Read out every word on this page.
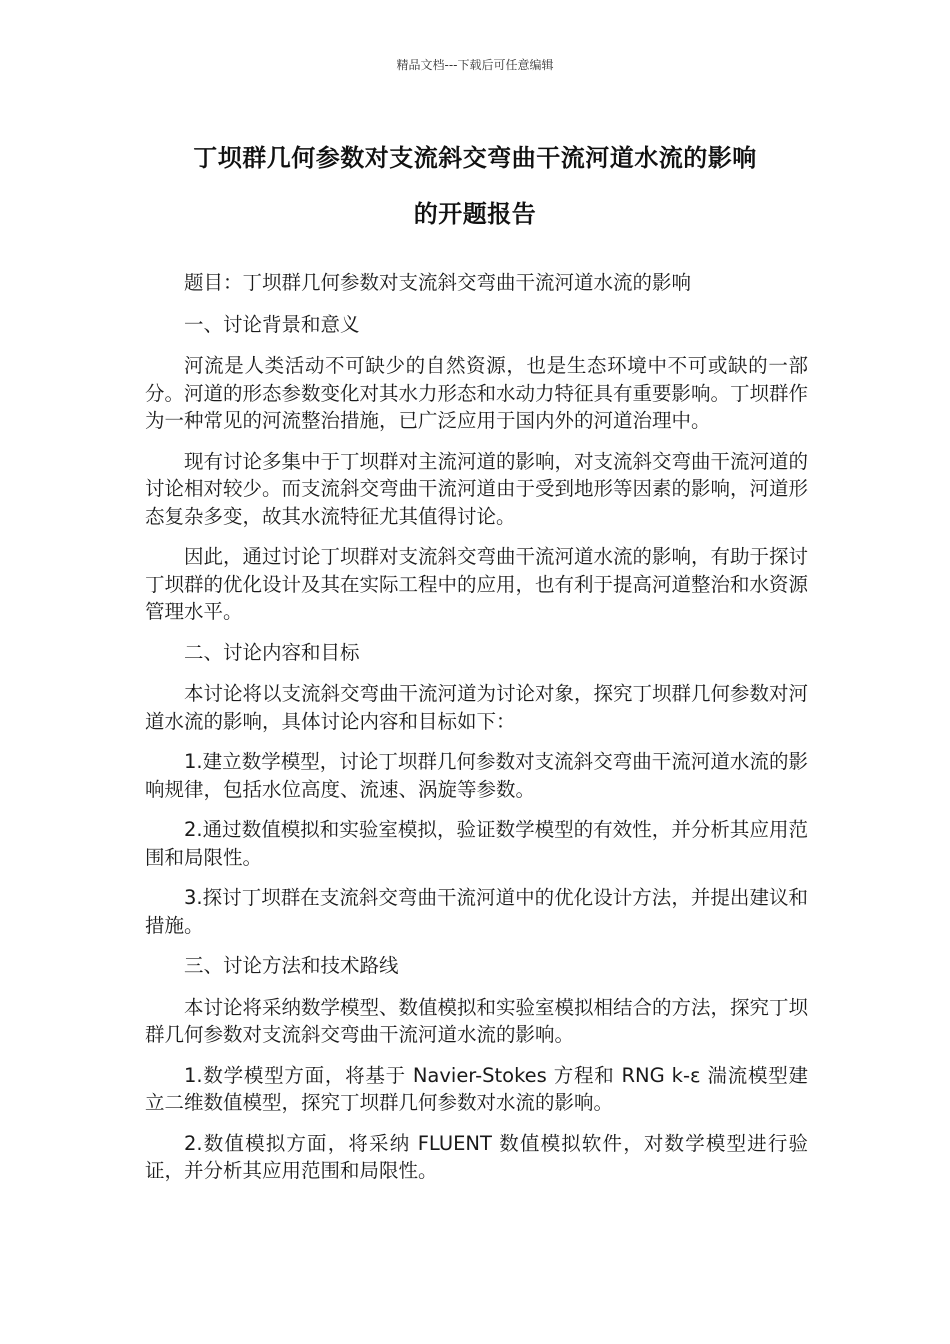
精品文档---下载后可任意编辑
丁坝群几何参数对支流斜交弯曲干流河道水流的影响
的开题报告

题目：丁坝群几何参数对支流斜交弯曲干流河道水流的影响

一、讨论背景和意义

河流是人类活动不可缺少的自然资源，也是生态环境中不可或缺的一部分。河道的形态参数变化对其水力形态和水动力特征具有重要影响。丁坝群作为一种常见的河流整治措施，已广泛应用于国内外的河道治理中。

现有讨论多集中于丁坝群对主流河道的影响，对支流斜交弯曲干流河道的讨论相对较少。而支流斜交弯曲干流河道由于受到地形等因素的影响，河道形态复杂多变，故其水流特征尤其值得讨论。

因此，通过讨论丁坝群对支流斜交弯曲干流河道水流的影响，有助于探讨丁坝群的优化设计及其在实际工程中的应用，也有利于提高河道整治和水资源管理水平。

二、讨论内容和目标

本讨论将以支流斜交弯曲干流河道为讨论对象，探究丁坝群几何参数对河道水流的影响，具体讨论内容和目标如下：

1.建立数学模型，讨论丁坝群几何参数对支流斜交弯曲干流河道水流的影响规律，包括水位高度、流速、涡旋等参数。

2.通过数值模拟和实验室模拟，验证数学模型的有效性，并分析其应用范围和局限性。

3.探讨丁坝群在支流斜交弯曲干流河道中的优化设计方法，并提出建议和措施。

三、讨论方法和技术路线

本讨论将采纳数学模型、数值模拟和实验室模拟相结合的方法，探究丁坝群几何参数对支流斜交弯曲干流河道水流的影响。

1.数学模型方面，将基于 Navier-Stokes 方程和 RNG k-ε 湍流模型建立二维数值模型，探究丁坝群几何参数对水流的影响。

2.数值模拟方面，将采纳 FLUENT 数值模拟软件，对数学模型进行验证，并分析其应用范围和局限性。
